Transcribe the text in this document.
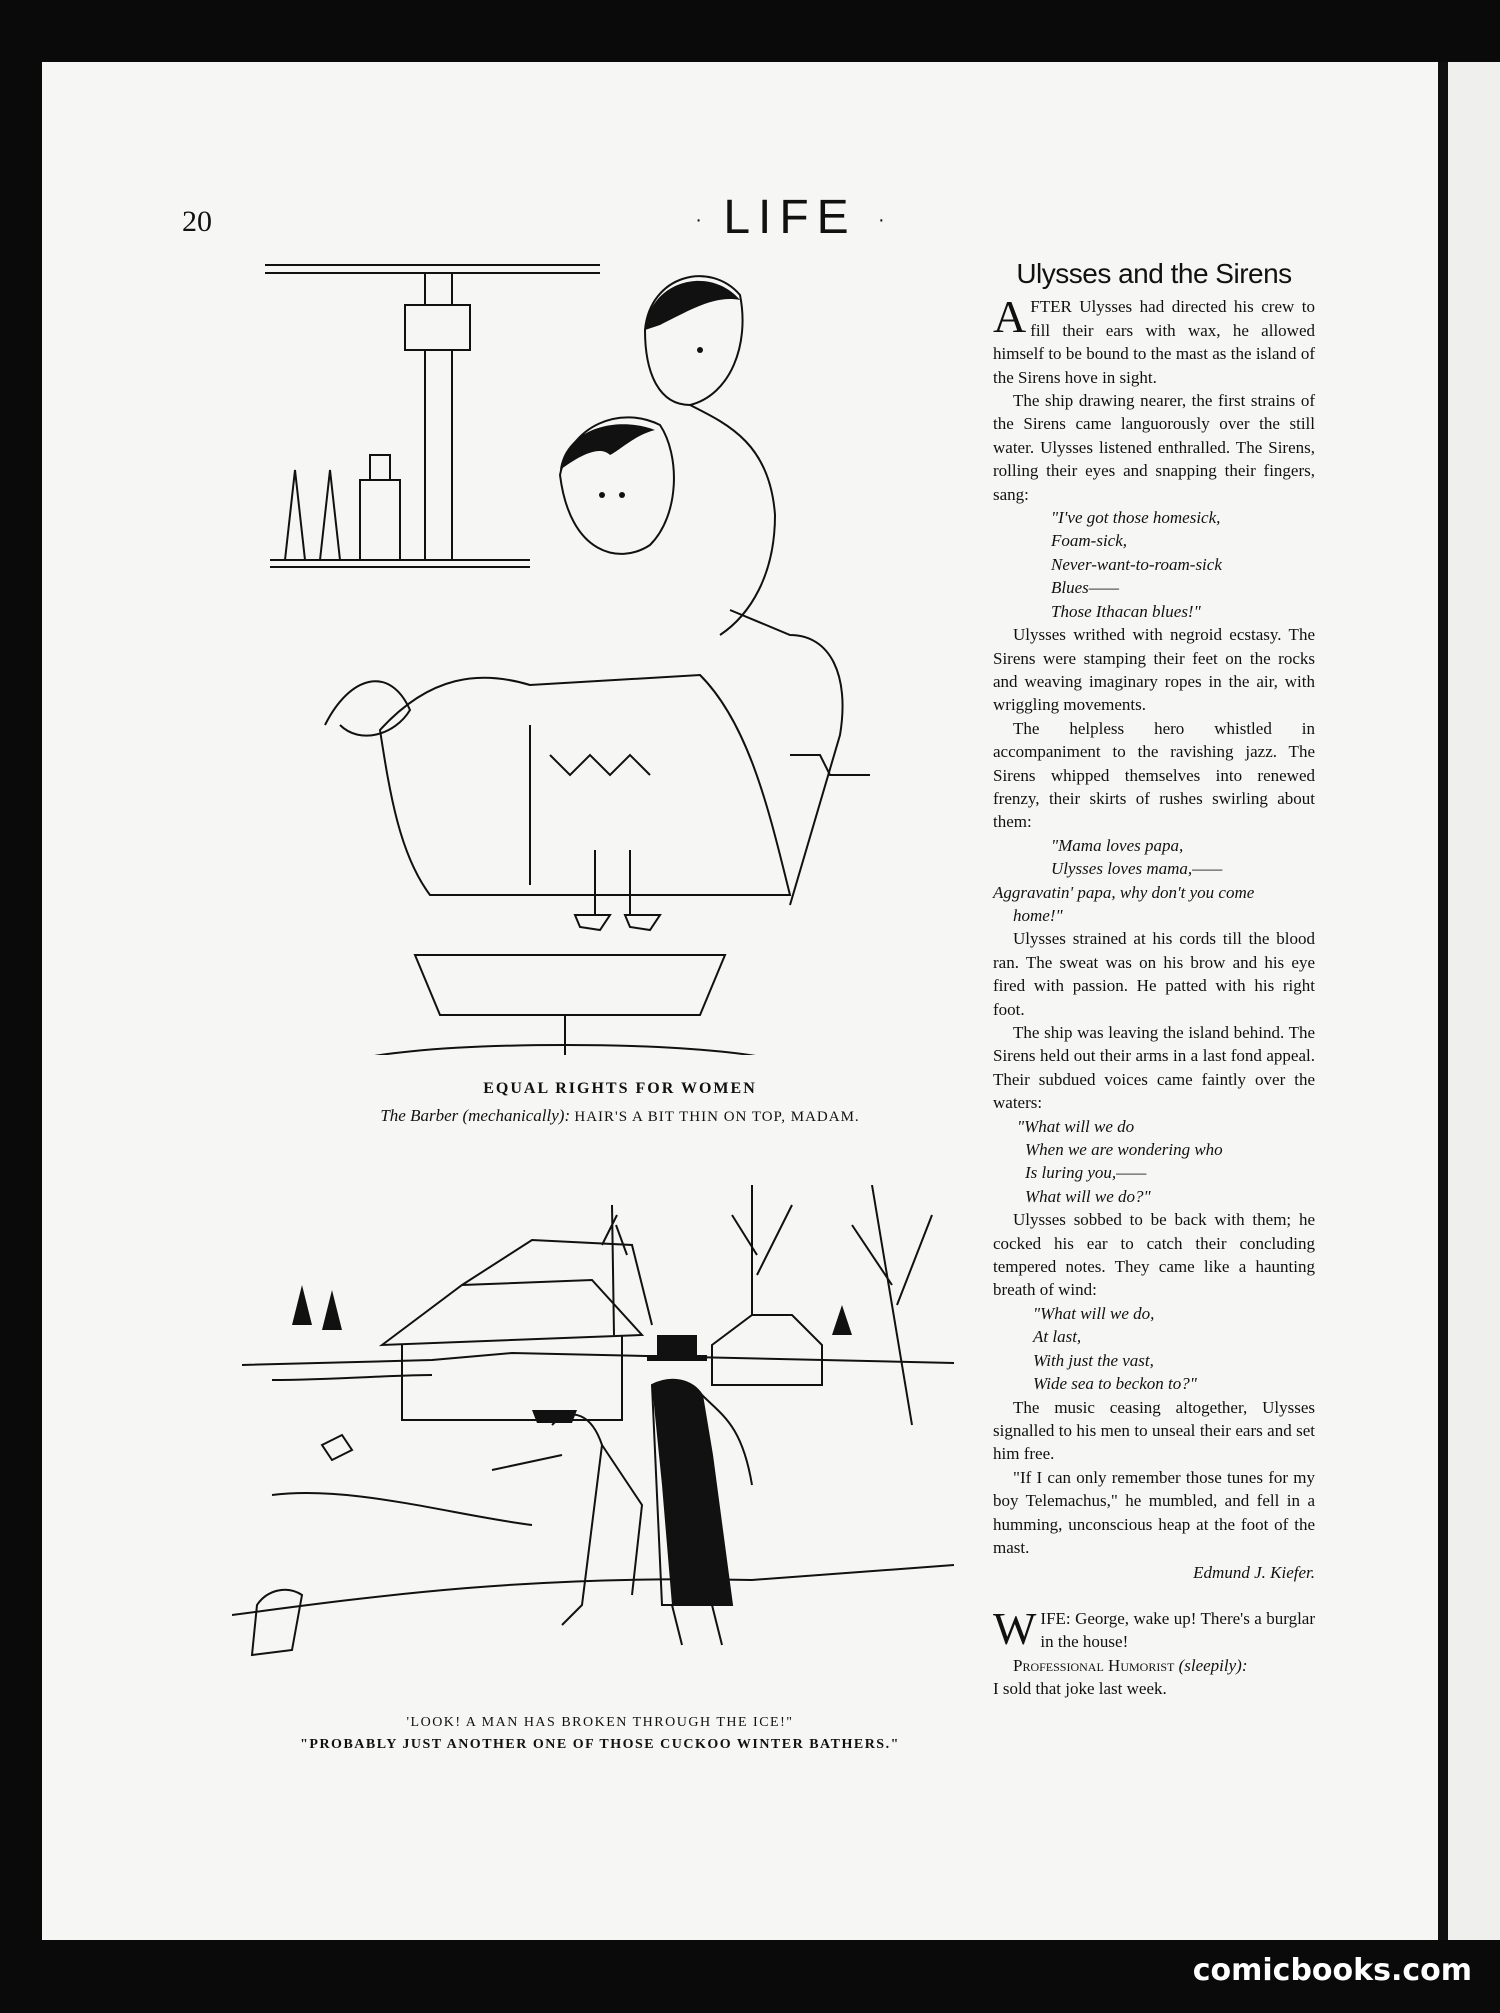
20	· LIFE ·
EQUAL RIGHTS FOR WOMEN
The Barber (mechanically): HAIR'S A BIT THIN ON TOP, MADAM.
'LOOK! A MAN HAS BROKEN THROUGH THE ICE!"
"PROBABLY JUST ANOTHER ONE OF THOSE CUCKOO WINTER BATHERS."
Ulysses and the Sirens

AFTER Ulysses had directed his crew to fill their ears with wax, he allowed himself to be bound to the mast as the island of the Sirens hove in sight.

The ship drawing nearer, the first strains of the Sirens came languorously over the still water. Ulysses listened enthralled. The Sirens, rolling their eyes and snapping their fingers, sang:

"I've got those homesick,
Foam-sick,
Never-want-to-roam-sick
Blues——
Those Ithacan blues!"

Ulysses writhed with negroid ecstasy. The Sirens were stamping their feet on the rocks and weaving imaginary ropes in the air, with wriggling movements.

The helpless hero whistled in accompaniment to the ravishing jazz. The Sirens whipped themselves into renewed frenzy, their skirts of rushes swirling about them:

"Mama loves papa,
Ulysses loves mama,——
Aggravatin' papa, why don't you come
home!"

Ulysses strained at his cords till the blood ran. The sweat was on his brow and his eye fired with passion. He patted with his right foot.

The ship was leaving the island behind. The Sirens held out their arms in a last fond appeal. Their subdued voices came faintly over the waters:

"What will we do
When we are wondering who
Is luring you,——
What will we do?"

Ulysses sobbed to be back with them; he cocked his ear to catch their concluding tempered notes. They came like a haunting breath of wind:

"What will we do,
At last,
With just the vast,
Wide sea to beckon to?"

The music ceasing altogether, Ulysses signalled to his men to unseal their ears and set him free.

"If I can only remember those tunes for my boy Telemachus," he mumbled, and fell in a humming, unconscious heap at the foot of the mast.

Edmund J. Kiefer.

WIFE: George, wake up! There's a burglar in the house!

Professional Humorist (sleepily):

I sold that joke last week.

comicbooks.com
